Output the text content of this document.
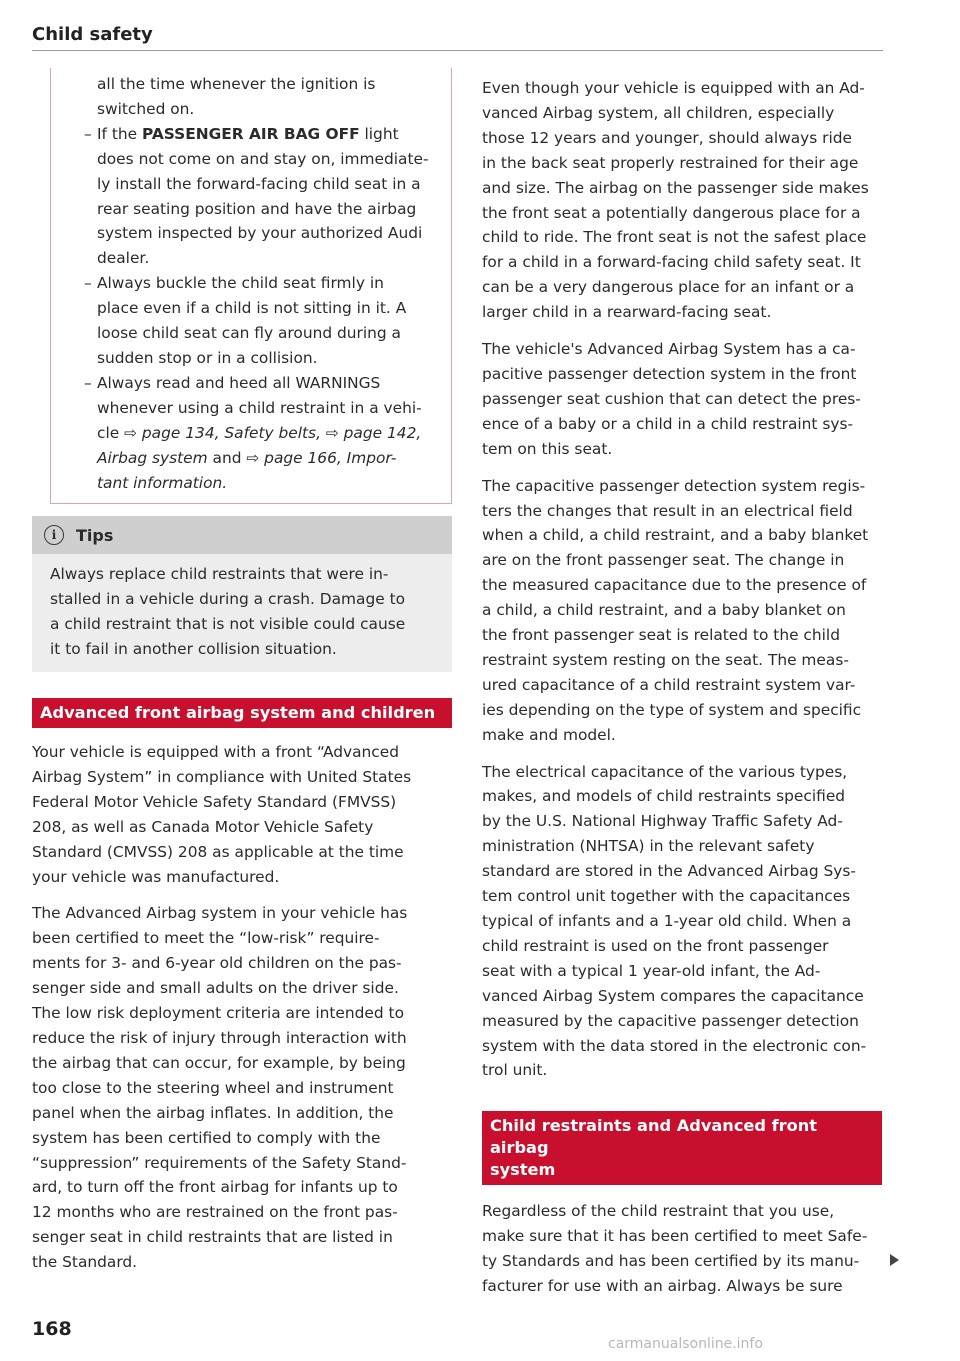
Child safety

all the time whenever the ignition is

switched on.

– If the PASSENGER AIR BAG OFF light

does not come on and stay on, immediate-

ly install the forward-facing child seat in a

rear seating position and have the airbag

system inspected by your authorized Audi

dealer.

– Always buckle the child seat firmly in

place even if a child is not sitting in it. A

loose child seat can fly around during a

sudden stop or in a collision.

– Always read and heed all WARNINGS

whenever using a child restraint in a vehi-

cle ⇨ page 134, Safety belts, ⇨ page 142,

Airbag system and ⇨ page 166, Impor-

tant information.

i	Tips

Always replace child restraints that were in-

stalled in a vehicle during a crash. Damage to

a child restraint that is not visible could cause

it to fail in another collision situation.

Advanced front airbag system and children

Your vehicle is equipped with a front “Advanced

Airbag System” in compliance with United States

Federal Motor Vehicle Safety Standard (FMVSS)

208, as well as Canada Motor Vehicle Safety

Standard (CMVSS) 208 as applicable at the time

your vehicle was manufactured.

The Advanced Airbag system in your vehicle has

been certified to meet the “low-risk” require-

ments for 3- and 6-year old children on the pas-

senger side and small adults on the driver side.

The low risk deployment criteria are intended to

reduce the risk of injury through interaction with

the airbag that can occur, for example, by being

too close to the steering wheel and instrument

panel when the airbag inflates. In addition, the

system has been certified to comply with the

“suppression” requirements of the Safety Stand-

ard, to turn off the front airbag for infants up to

12 months who are restrained on the front pas-

senger seat in child restraints that are listed in

the Standard.

Even though your vehicle is equipped with an Ad-

vanced Airbag system, all children, especially

those 12 years and younger, should always ride

in the back seat properly restrained for their age

and size. The airbag on the passenger side makes

the front seat a potentially dangerous place for a

child to ride. The front seat is not the safest place

for a child in a forward-facing child safety seat. It

can be a very dangerous place for an infant or a

larger child in a rearward-facing seat.

The vehicle's Advanced Airbag System has a ca-

pacitive passenger detection system in the front

passenger seat cushion that can detect the pres-

ence of a baby or a child in a child restraint sys-

tem on this seat.

The capacitive passenger detection system regis-

ters the changes that result in an electrical field

when a child, a child restraint, and a baby blanket

are on the front passenger seat. The change in

the measured capacitance due to the presence of

a child, a child restraint, and a baby blanket on

the front passenger seat is related to the child

restraint system resting on the seat. The meas-

ured capacitance of a child restraint system var-

ies depending on the type of system and specific

make and model.

The electrical capacitance of the various types,

makes, and models of child restraints specified

by the U.S. National Highway Traffic Safety Ad-

ministration (NHTSA) in the relevant safety

standard are stored in the Advanced Airbag Sys-

tem control unit together with the capacitances

typical of infants and a 1-year old child. When a

child restraint is used on the front passenger

seat with a typical 1 year-old infant, the Ad-

vanced Airbag System compares the capacitance

measured by the capacitive passenger detection

system with the data stored in the electronic con-

trol unit.

Child restraints and Advanced front airbag
system

Regardless of the child restraint that you use,

make sure that it has been certified to meet Safe-

ty Standards and has been certified by its manu-

facturer for use with an airbag. Always be sure

168
carmanualsonline.info
